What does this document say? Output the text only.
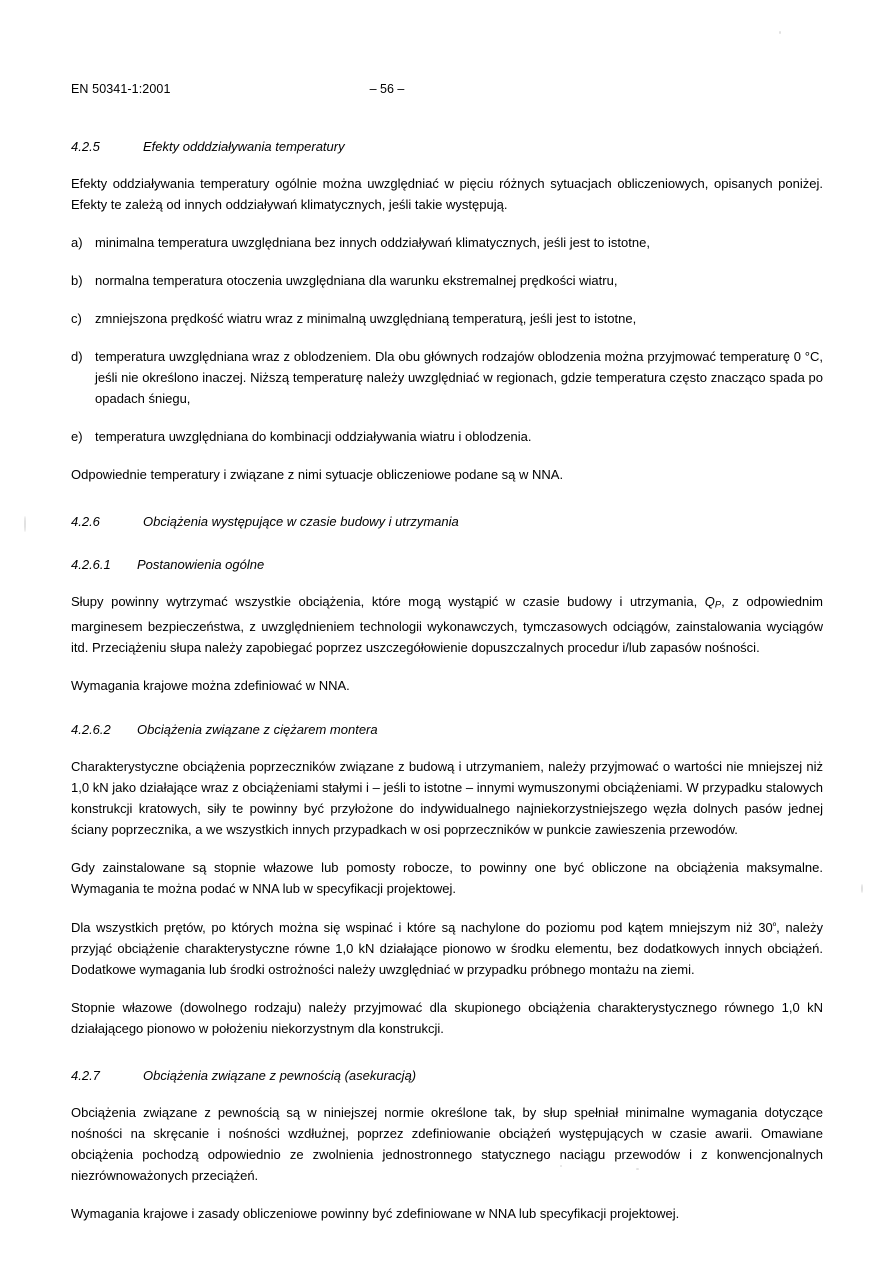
EN 50341-1:2001	– 56 –
4.2.5	Efekty odddziaływania temperatury

Efekty oddziaływania temperatury ogólnie można uwzględniać w pięciu różnych sytuacjach obliczeniowych, opisanych poniżej. Efekty te zależą od innych oddziaływań klimatycznych, jeśli takie występują.

a) minimalna temperatura uwzględniana bez innych oddziaływań klimatycznych, jeśli jest to istotne,
b) normalna temperatura otoczenia uwzględniana dla warunku ekstremalnej prędkości wiatru,
c) zmniejszona prędkość wiatru wraz z minimalną uwzględnianą temperaturą, jeśli jest to istotne,
d) temperatura uwzględniana wraz z oblodzeniem. Dla obu głównych rodzajów oblodzenia można przyjmować temperaturę 0 °C, jeśli nie określono inaczej. Niższą temperaturę należy uwzględniać w regionach, gdzie temperatura często znacząco spada po opadach śniegu,
e) temperatura uwzględniana do kombinacji oddziaływania wiatru i oblodzenia.

Odpowiednie temperatury i związane z nimi sytuacje obliczeniowe podane są w NNA.

4.2.6	Obciążenia występujące w czasie budowy i utrzymania
4.2.6.1 Postanowienia ogólne

Słupy powinny wytrzymać wszystkie obciążenia, które mogą wystąpić w czasie budowy i utrzymania, $Q_P$, z odpowiednim marginesem bezpieczeństwa, z uwzględnieniem technologii wykonawczych, tymczasowych odciągów, zainstalowania wyciągów itd. Przeciążeniu słupa należy zapobiegać poprzez uszczegółowienie dopuszczalnych procedur i/lub zapasów nośności.

Wymagania krajowe można zdefiniować w NNA.

4.2.6.2 Obciążenia związane z ciężarem montera

Charakterystyczne obciążenia poprzeczników związane z budową i utrzymaniem, należy przyjmować o wartości nie mniejszej niż 1,0 kN jako działające wraz z obciążeniami stałymi i – jeśli to istotne – innymi wymuszonymi obciążeniami. W przypadku stalowych konstrukcji kratowych, siły te powinny być przyłożone do indywidualnego najniekorzystniejszego węzła dolnych pasów jednej ściany poprzecznika, a we wszystkich innych przypadkach w osi poprzeczników w punkcie zawieszenia przewodów.

Gdy zainstalowane są stopnie włazowe lub pomosty robocze, to powinny one być obliczone na obciążenia maksymalne. Wymagania te można podać w NNA lub w specyfikacji projektowej.

Dla wszystkich prętów, po których można się wspinać i które są nachylone do poziomu pod kątem mniejszym niż $30^º$, należy przyjąć obciążenie charakterystyczne równe 1,0 kN działające pionowo w środku elementu, bez dodatkowych innych obciążeń. Dodatkowe wymagania lub środki ostrożności należy uwzględniać w przypadku próbnego montażu na ziemi.

Stopnie włazowe (dowolnego rodzaju) należy przyjmować dla skupionego obciążenia charakterystycznego równego 1,0 kN działającego pionowo w położeniu niekorzystnym dla konstrukcji.

4.2.7	Obciążenia związane z pewnością (asekuracją)

Obciążenia związane z pewnością są w niniejszej normie określone tak, by słup spełniał minimalne wymagania dotyczące nośności na skręcanie i nośności wzdłużnej, poprzez zdefiniowanie obciążeń występujących w czasie awarii. Omawiane obciążenia pochodzą odpowiednio ze zwolnienia jednostronnego statycznego naciągu przewodów i z konwencjonalnych niezrównoważonych przeciążeń.

Wymagania krajowe i zasady obliczeniowe powinny być zdefiniowane w NNA lub specyfikacji projektowej.
